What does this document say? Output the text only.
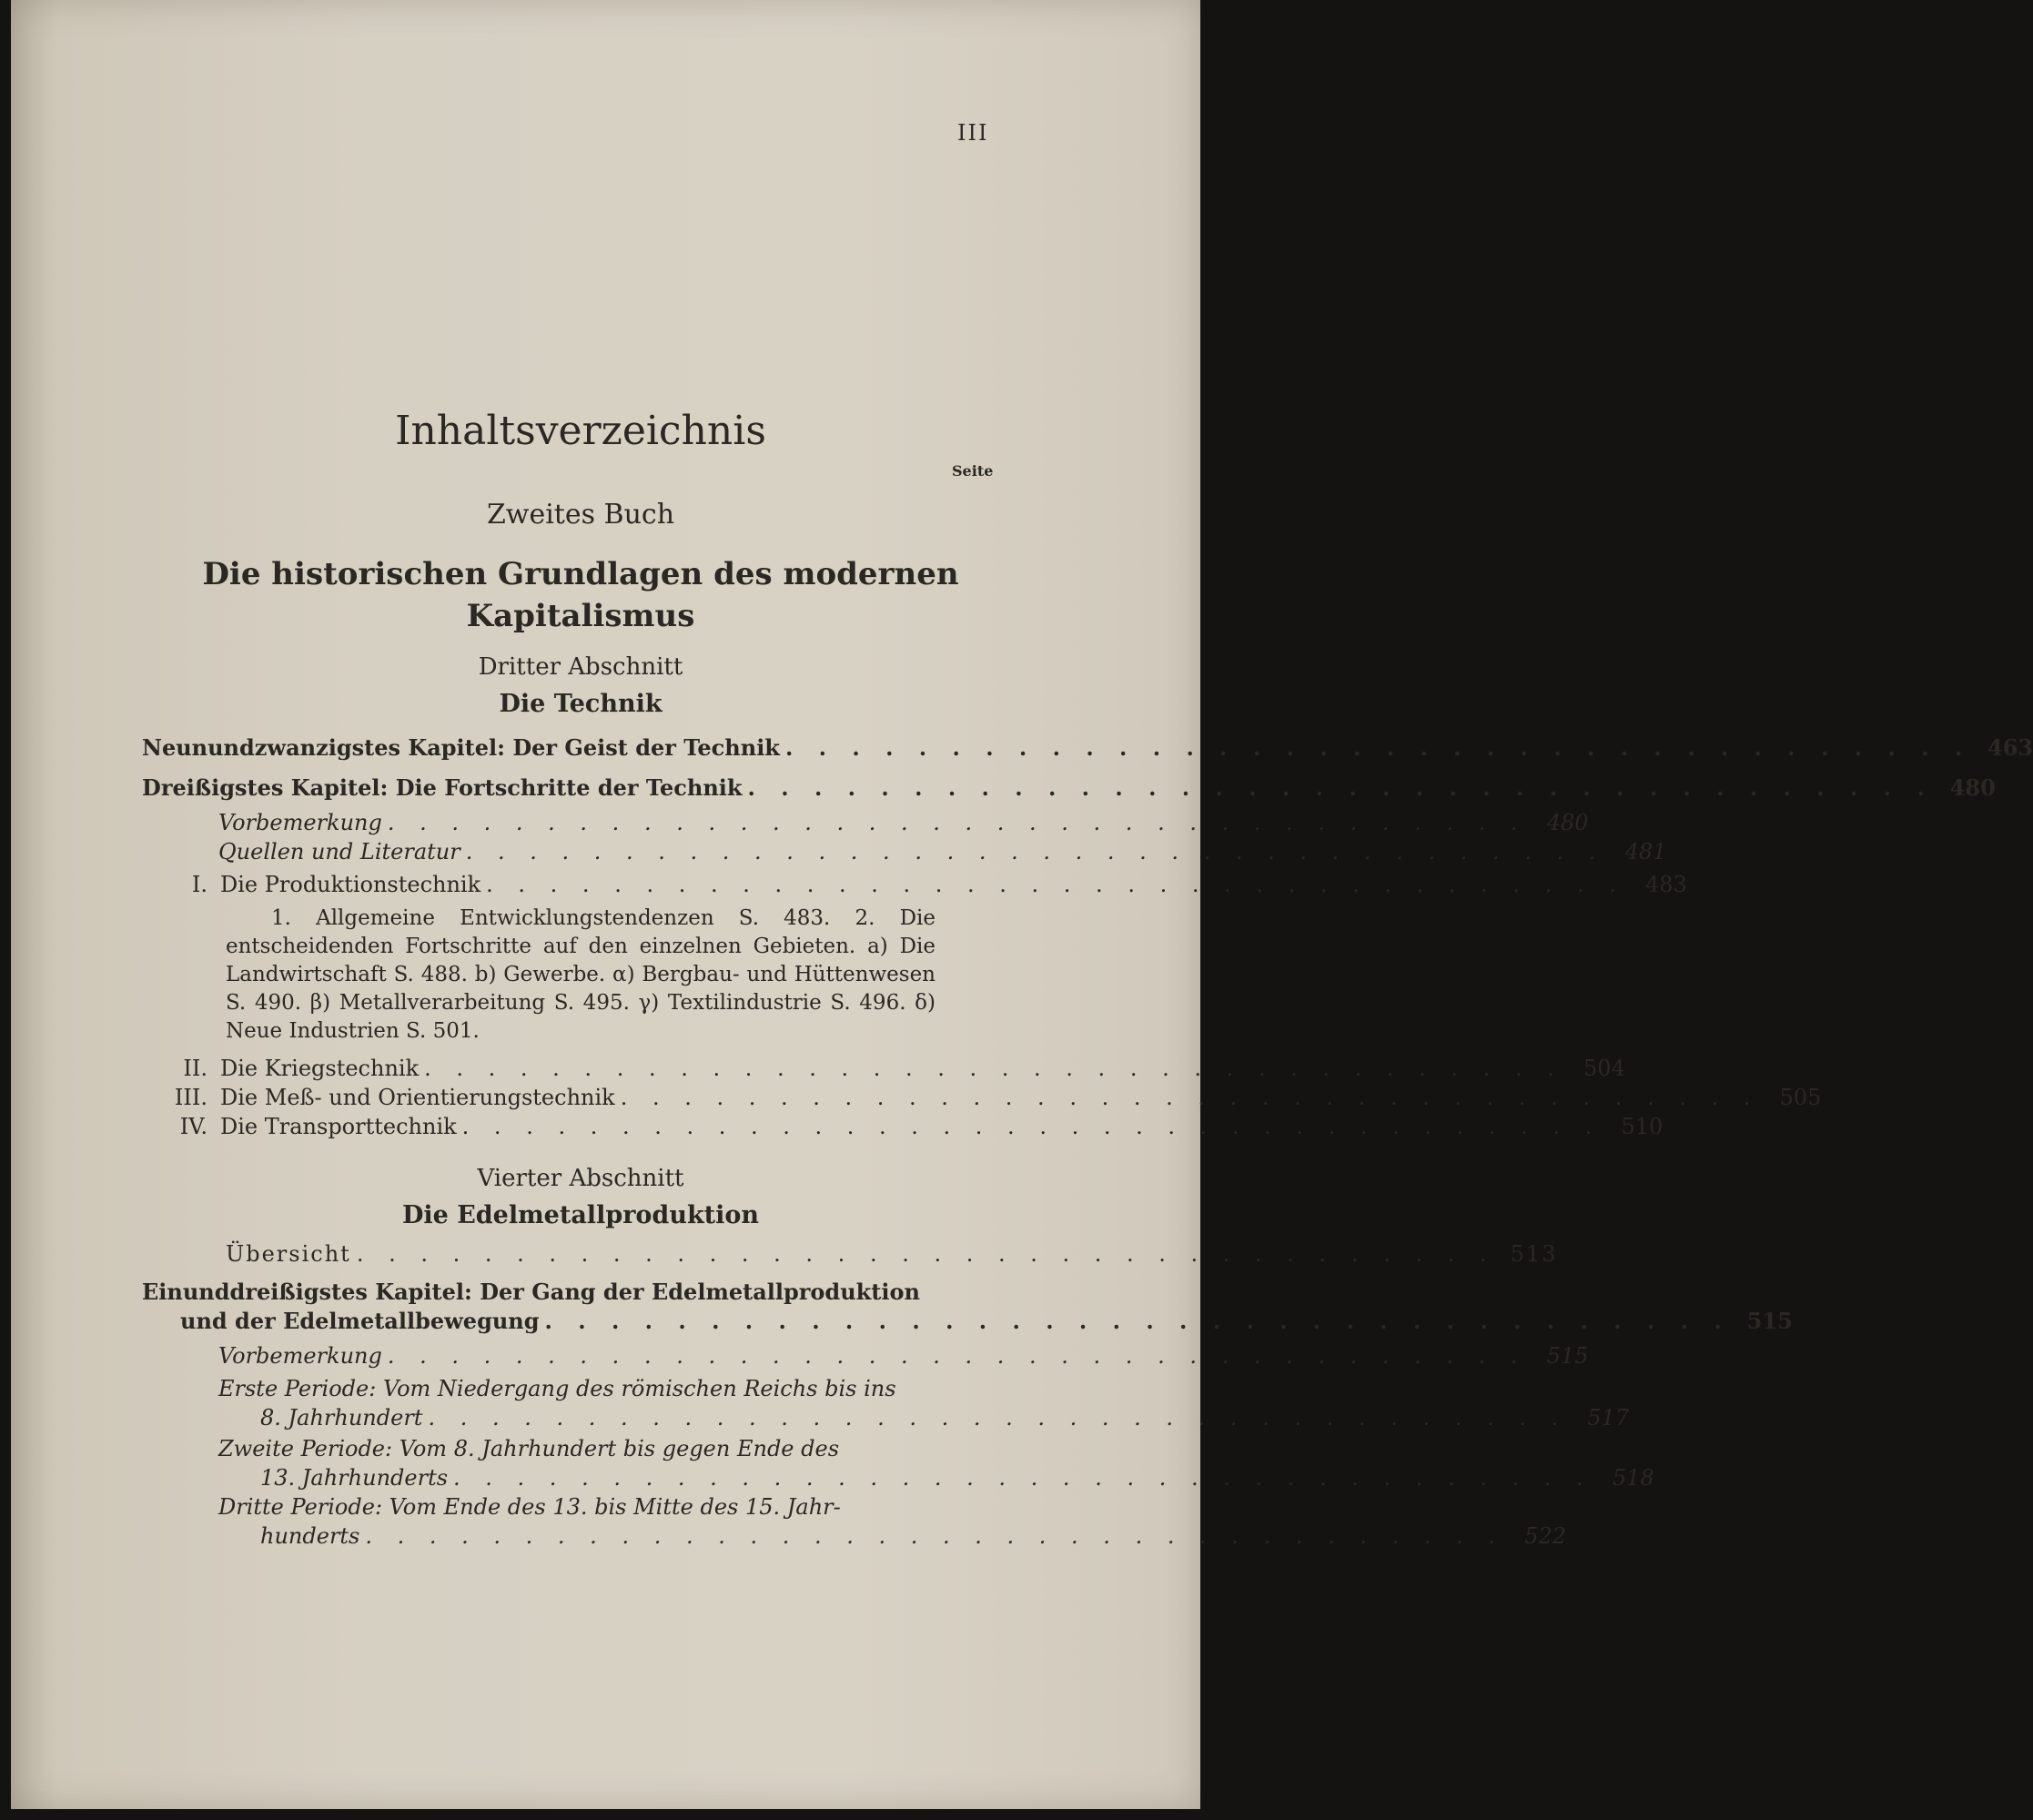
III
Inhaltsverzeichnis
Seite
Zweites Buch
Die historischen Grundlagen des modernen
Kapitalismus
Dritter Abschnitt
Die Technik
Neunundzwanzigstes Kapitel: Der Geist der Technik . . . . . . . . . . . . . . . . . . . . . . . . . . . . . . . . . . . . 463
Dreißigstes Kapitel: Die Fortschritte der Technik . . . . . . . . . . . . . . . . . . . . . . . . . . . . . . . . . . . . 480
Vorbemerkung . . . . . . . . . . . . . . . . . . . . . . . . . . . . . . . . . . . . 480
Quellen und Literatur . . . . . . . . . . . . . . . . . . . . . . . . . . . . . . . . . . . . 481
I. Die Produktionstechnik . . . . . . . . . . . . . . . . . . . . . . . . . . . . . . . . . . . . 483
1. Allgemeine Entwicklungstendenzen S. 483. 2. Die entscheidenden Fortschritte auf den einzelnen Gebieten. a) Die Landwirtschaft S. 488. b) Gewerbe. α) Bergbau- und Hüttenwesen S. 490. β) Metallverarbeitung S. 495. γ) Textilindustrie S. 496. δ) Neue Industrien S. 501.
II. Die Kriegstechnik . . . . . . . . . . . . . . . . . . . . . . . . . . . . . . . . . . . . 504
III. Die Meß- und Orientierungstechnik . . . . . . . . . . . . . . . . . . . . . . . . . . . . . . . . . . . . 505
IV. Die Transporttechnik . . . . . . . . . . . . . . . . . . . . . . . . . . . . . . . . . . . . 510
Vierter Abschnitt
Die Edelmetallproduktion
Übersicht . . . . . . . . . . . . . . . . . . . . . . . . . . . . . . . . . . . . 513
Einunddreißigstes Kapitel: Der Gang der Edelmetallproduktion
und der Edelmetallbewegung . . . . . . . . . . . . . . . . . . . . . . . . . . . . . . . . . . . . 515
Vorbemerkung . . . . . . . . . . . . . . . . . . . . . . . . . . . . . . . . . . . . 515
Erste Periode: Vom Niedergang des römischen Reichs bis ins
8. Jahrhundert . . . . . . . . . . . . . . . . . . . . . . . . . . . . . . . . . . . . 517
Zweite Periode: Vom 8. Jahrhundert bis gegen Ende des
13. Jahrhunderts . . . . . . . . . . . . . . . . . . . . . . . . . . . . . . . . . . . . 518
Dritte Periode: Vom Ende des 13. bis Mitte des 15. Jahr-
hunderts . . . . . . . . . . . . . . . . . . . . . . . . . . . . . . . . . . . . 522
